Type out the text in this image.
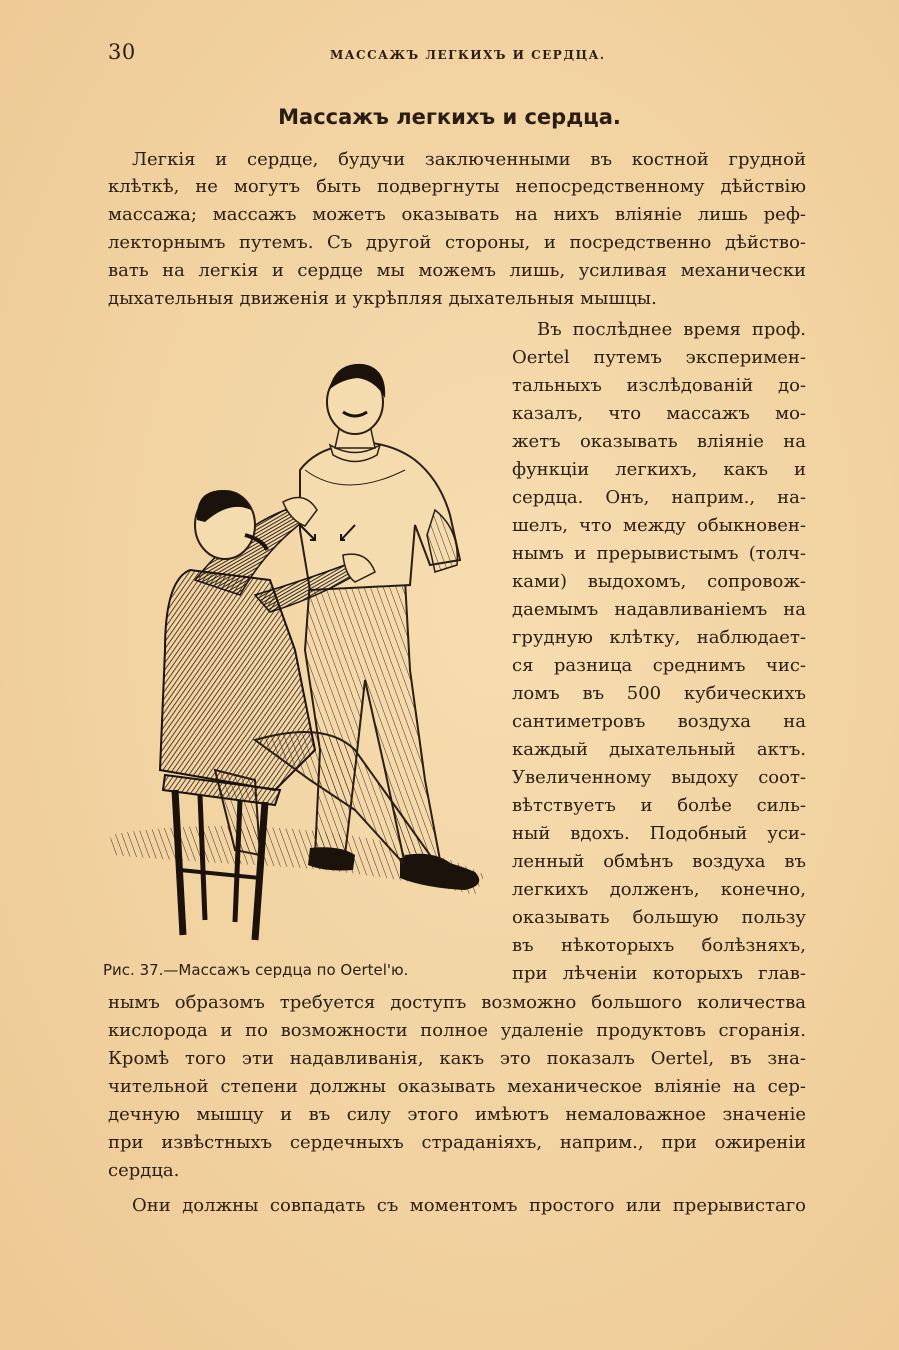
30	МАССАЖЪ ЛЕГКИХЪ И СЕРДЦА.
Массажъ легкихъ и сердца.
Легкія и сердце, будучи заключенными въ костной грудной
клѣткѣ, не могутъ быть подвергнуты непосредственному дѣйствію
массажа; массажъ можетъ оказывать на нихъ вліяніе лишь реф-
лекторнымъ путемъ. Съ другой стороны, и посредственно дѣйство-
вать на легкія и сердце мы можемъ лишь, усиливая механически
дыхательныя движенія и укрѣпляя дыхательныя мышцы.
Въ послѣднее время проф.
Oertel путемъ эксперимен-
тальныхъ изслѣдованій до-
казалъ, что массажъ мо-
жетъ оказывать вліяніе на
функціи легкихъ, какъ и
сердца. Онъ, наприм., на-
шелъ, что между обыкновен-
нымъ и прерывистымъ (толч-
ками) выдохомъ, сопровож-
даемымъ надавливаніемъ на
грудную клѣтку, наблюдает-
ся разница среднимъ чис-
ломъ въ 500 кубическихъ
сантиметровъ воздуха на
каждый дыхательный актъ.
Увеличенному выдоху соот-
вѣтствуетъ и болѣе силь-
ный вдохъ. Подобный уси-
ленный обмѣнъ воздуха въ
легкихъ долженъ, конечно,
оказывать большую пользу
въ нѣкоторыхъ болѣзняхъ,
при лѣченіи которыхъ глав-
нымъ образомъ требуется доступъ возможно большого количества
кислорода и по возможности полное удаленіе продуктовъ сгоранія.
Кромѣ того эти надавливанія, какъ это показалъ Oertel, въ зна-
чительной степени должны оказывать механическое вліяніе на сер-
дечную мышцу и въ силу этого имѣютъ немаловажное значеніе
при извѣстныхъ сердечныхъ страданіяхъ, наприм., при ожиреніи
сердца.
Они должны совпадать съ моментомъ простого или прерывистаго
Рис. 37.—Массажъ сердца по Oertel'ю.
